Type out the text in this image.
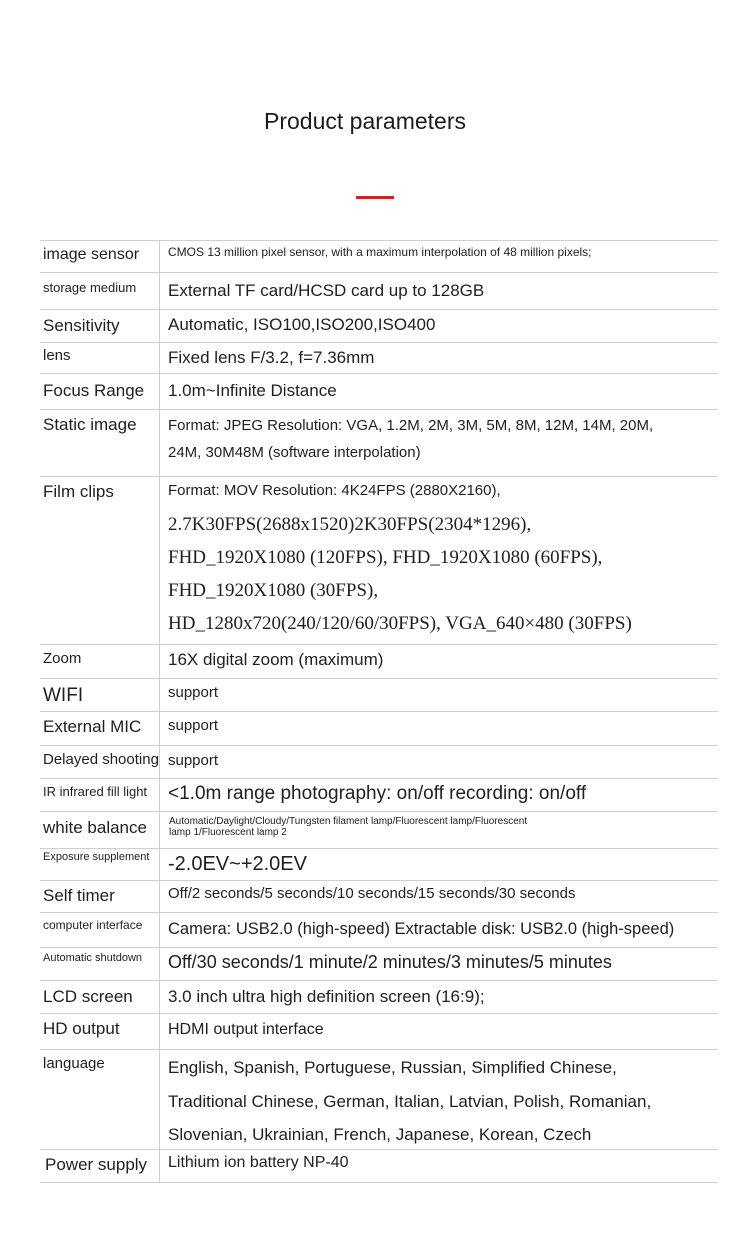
Product parameters
image sensor	CMOS 13 million pixel sensor, with a maximum interpolation of 48 million pixels;
storage medium	External TF card/HCSD card up to 128GB
Sensitivity	Automatic, ISO100,ISO200,ISO400
lens	Fixed lens F/3.2, f=7.36mm
Focus Range	1.0m~Infinite Distance
Static image	Format: JPEG Resolution: VGA, 1.2M, 2M, 3M, 5M, 8M, 12M, 14M, 20M,
24M, 30M48M (software interpolation)
Film clips	Format: MOV Resolution: 4K24FPS (2880X2160),
2.7K30FPS(2688x1520)2K30FPS(2304*1296),
FHD_1920X1080 (120FPS), FHD_1920X1080 (60FPS),
FHD_1920X1080 (30FPS),
HD_1280x720(240/120/60/30FPS), VGA_640×480 (30FPS)
Zoom	16X digital zoom (maximum)
WIFI	support
External MIC	support
Delayed shooting support
IR infrared fill light	<1.0m range photography: on/off recording: on/off
white balance	Automatic/Daylight/Cloudy/Tungsten filament lamp/Fluorescent lamp/Fluorescent
lamp 1/Fluorescent lamp 2
Exposure supplement -2.0EV~+2.0EV
Self timer	Off/2 seconds/5 seconds/10 seconds/15 seconds/30 seconds
computer interface	Camera: USB2.0 (high-speed) Extractable disk: USB2.0 (high-speed)
Automatic shutdown	Off/30 seconds/1 minute/2 minutes/3 minutes/5 minutes
LCD screen	3.0 inch ultra high definition screen (16:9);
HD output	HDMI output interface
language	English, Spanish, Portuguese, Russian, Simplified Chinese,
Traditional Chinese, German, Italian, Latvian, Polish, Romanian,
Slovenian, Ukrainian, French, Japanese, Korean, Czech
Power supply	Lithium ion battery NP-40
